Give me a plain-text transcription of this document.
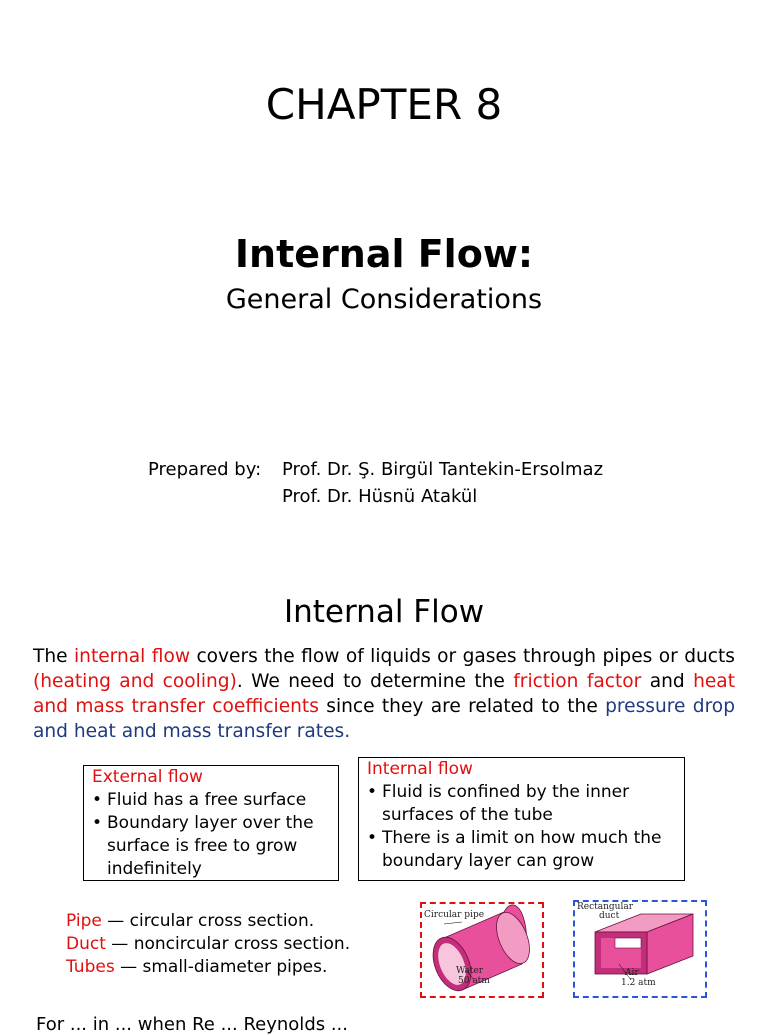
CHAPTER 8
Internal Flow:
General Considerations
Prepared by:	Prof. Dr. Ş. Birgül Tantekin-Ersolmaz
Prof. Dr. Hüsnü Atakül
Internal Flow
The internal flow covers the flow of liquids or gases through pipes or ducts (heating and cooling). We need to determine the friction factor and heat and mass transfer coefficients since they are related to the pressure drop and heat and mass transfer rates.
External flow
• Fluid has a free surface
• Boundary layer over the surface is free to grow indefinitely
Internal flow
• Fluid is confined by the inner surfaces of the tube
• There is a limit on how much the boundary layer can grow
Pipe — circular cross section.
Duct — noncircular cross section.
Tubes — small-diameter pipes.
Circular pipe
Water
50 atm
Rectangular
duct
Air
1.2 atm
For ... in ... when Re ... Reynolds ...
